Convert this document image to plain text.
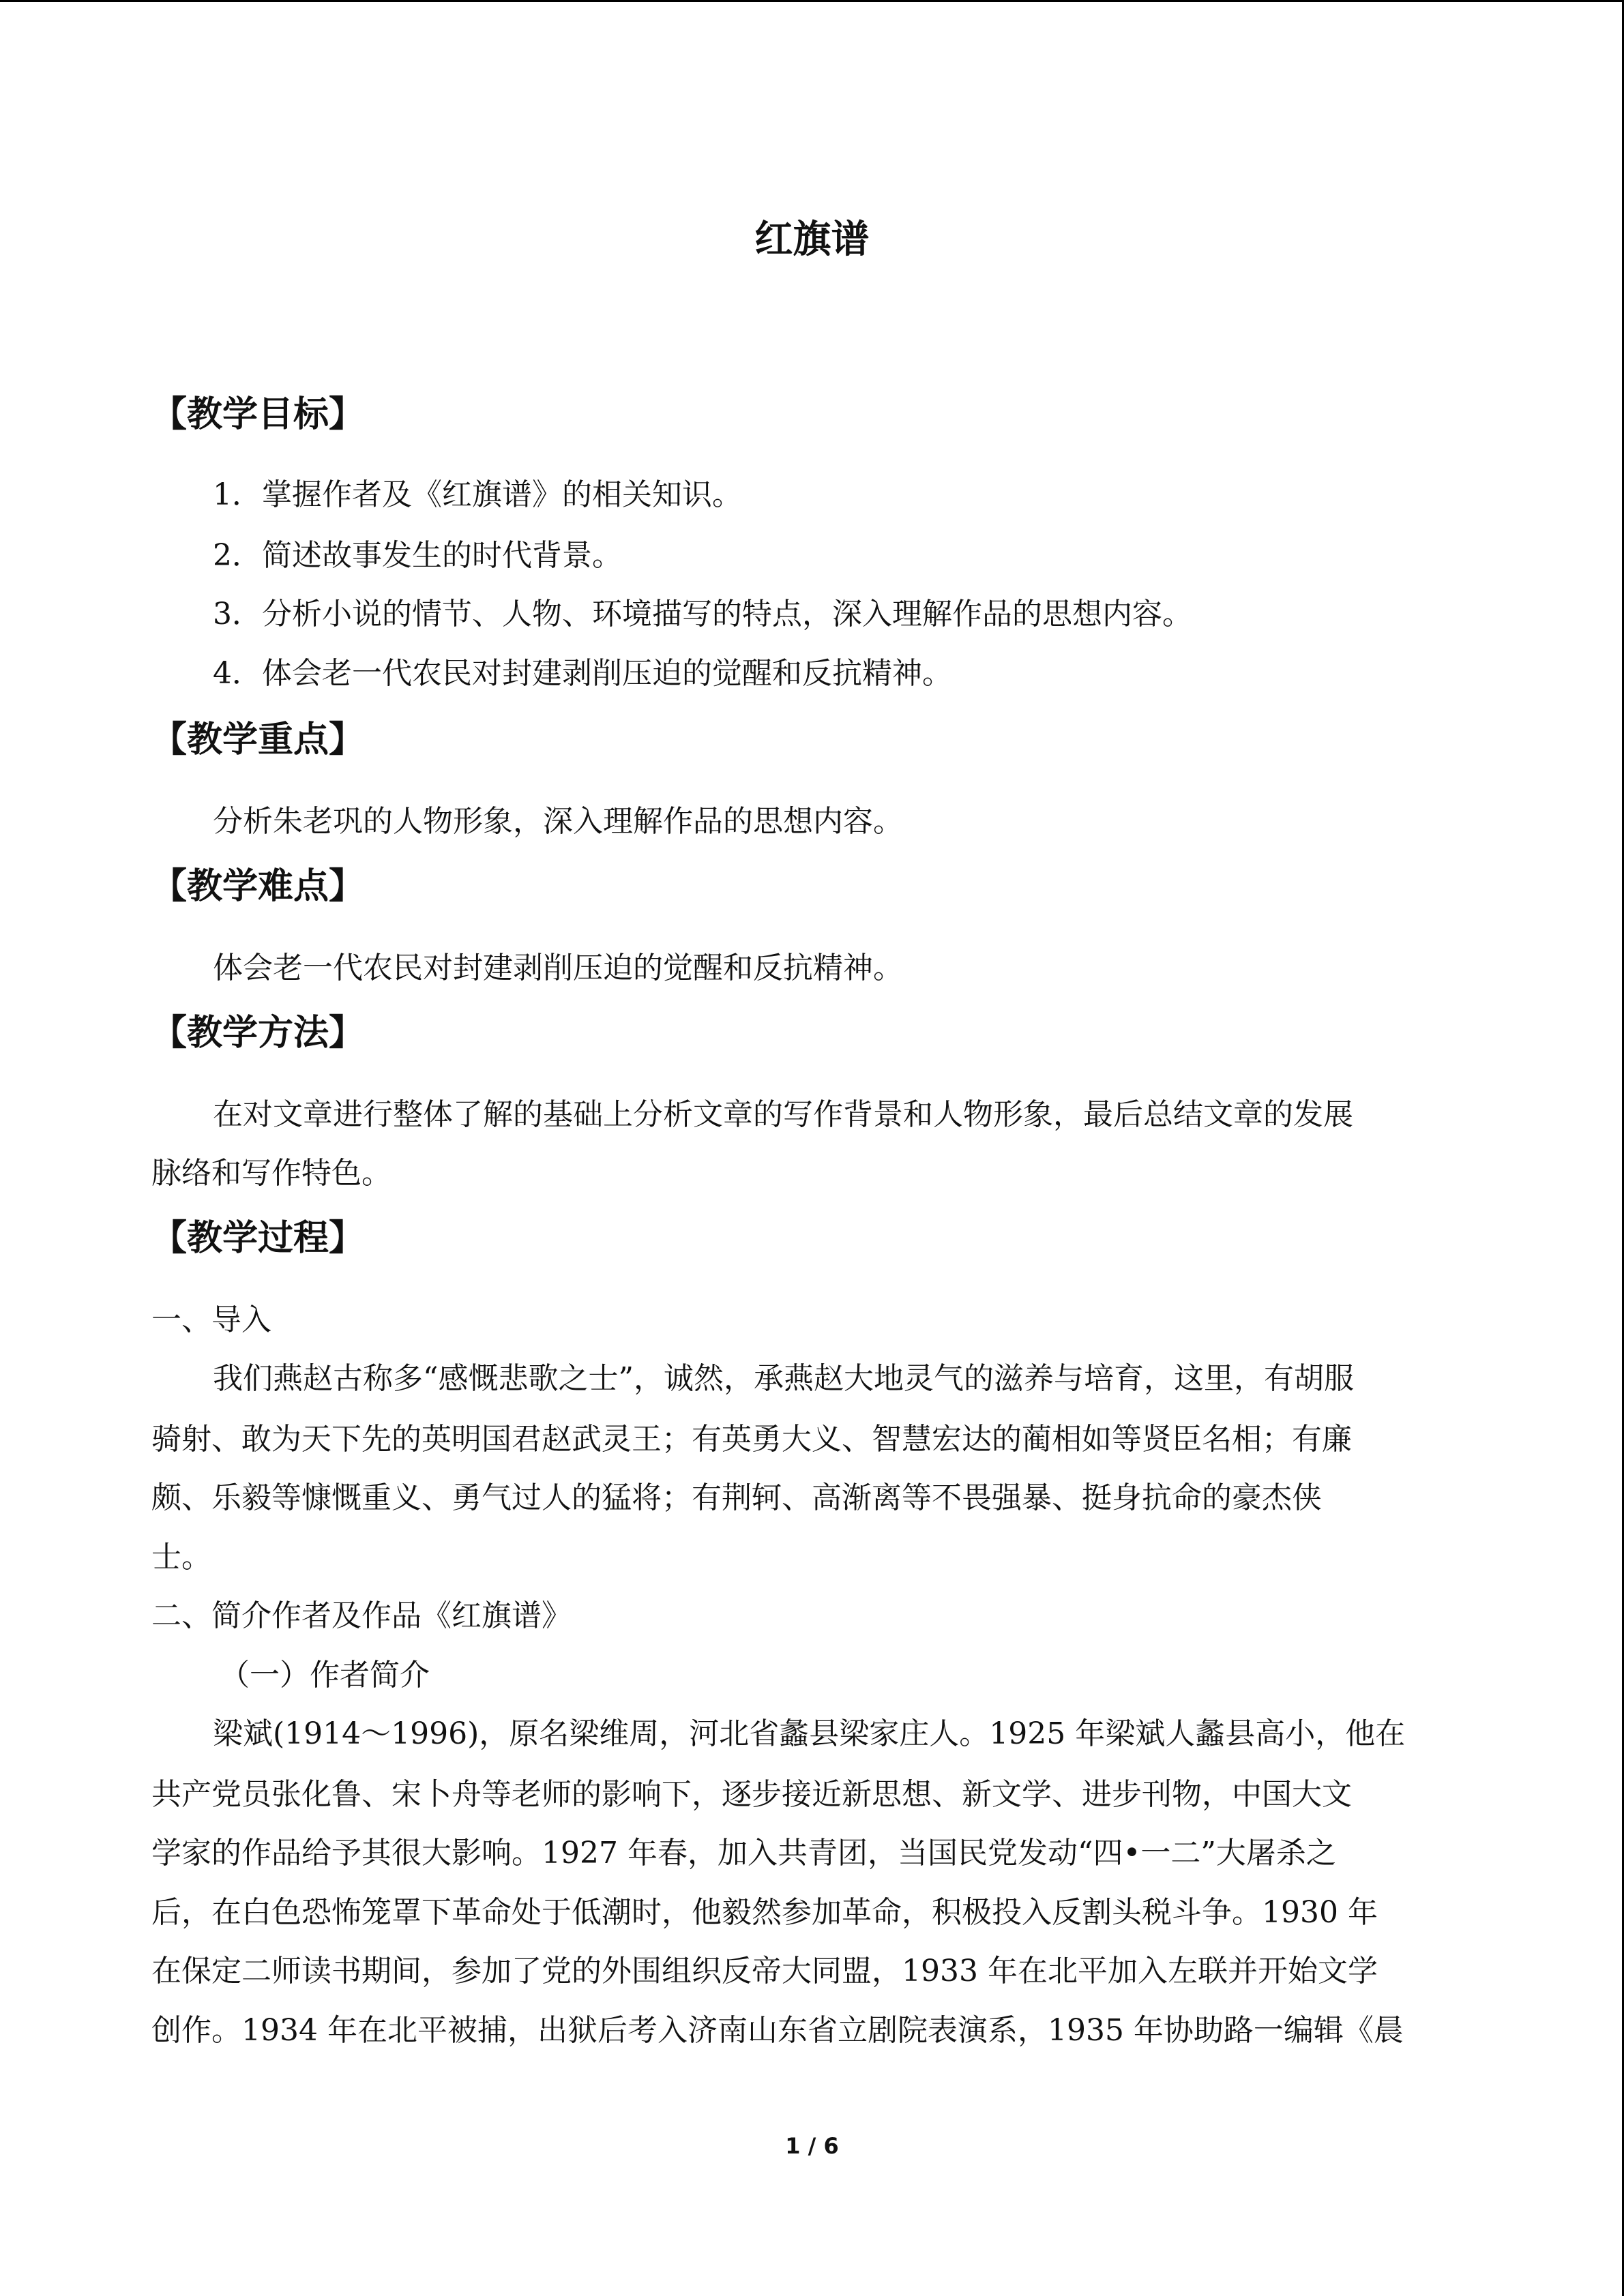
红旗谱
【教学目标】

1．掌握作者及《红旗谱》的相关知识。

2．简述故事发生的时代背景。

3．分析小说的情节、人物、环境描写的特点，深入理解作品的思想内容。

4．体会老一代农民对封建剥削压迫的觉醒和反抗精神。

【教学重点】

分析朱老巩的人物形象，深入理解作品的思想内容。

【教学难点】

体会老一代农民对封建剥削压迫的觉醒和反抗精神。

【教学方法】

在对文章进行整体了解的基础上分析文章的写作背景和人物形象，最后总结文章的发展

脉络和写作特色。

【教学过程】

一、导入

我们燕赵古称多“感慨悲歌之士”，诚然，承燕赵大地灵气的滋养与培育，这里，有胡服

骑射、敢为天下先的英明国君赵武灵王；有英勇大义、智慧宏达的蔺相如等贤臣名相；有廉

颇、乐毅等慷慨重义、勇气过人的猛将；有荆轲、高渐离等不畏强暴、挺身抗命的豪杰侠

士。

二、简介作者及作品《红旗谱》

（一）作者简介

梁斌(1914～1996)，原名梁维周，河北省蠡县梁家庄人。1925 年梁斌人蠡县高小，他在

共产党员张化鲁、宋卜舟等老师的影响下，逐步接近新思想、新文学、进步刊物，中国大文

学家的作品给予其很大影响。1927 年春，加入共青团，当国民党发动“四•一二”大屠杀之

后，在白色恐怖笼罩下革命处于低潮时，他毅然参加革命，积极投入反割头税斗争。1930 年

在保定二师读书期间，参加了党的外围组织反帝大同盟，1933 年在北平加入左联并开始文学

创作。1934 年在北平被捕，出狱后考入济南山东省立剧院表演系，1935 年协助路一编辑《晨

1 / 6
